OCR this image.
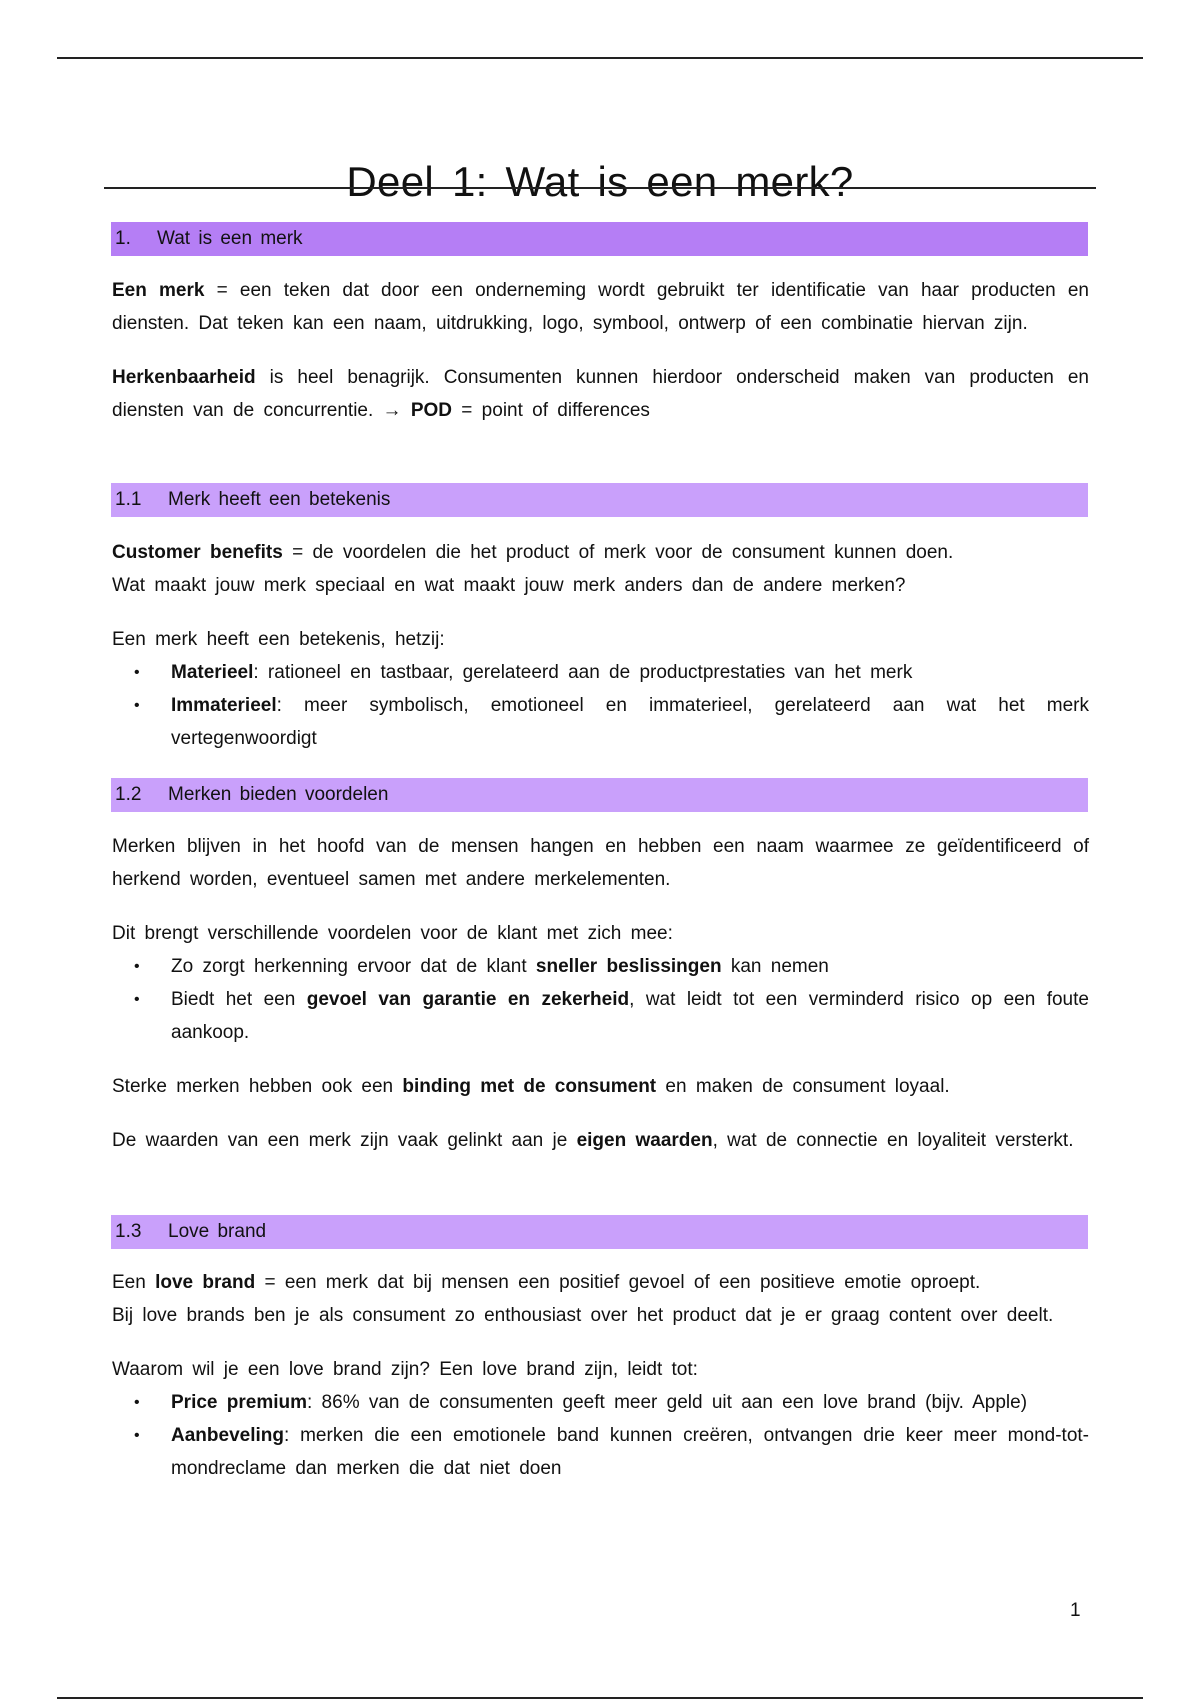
Deel 1: Wat is een merk?
1. Wat is een merk

Een merk = een teken dat door een onderneming wordt gebruikt ter identificatie van haar producten en diensten. Dat teken kan een naam, uitdrukking, logo, symbool, ontwerp of een combinatie hiervan zijn.

Herkenbaarheid is heel benagrijk. Consumenten kunnen hierdoor onderscheid maken van producten en diensten van de concurrentie. → POD = point of differences

1.1 Merk heeft een betekenis

Customer benefits = de voordelen die het product of merk voor de consument kunnen doen.

Wat maakt jouw merk speciaal en wat maakt jouw merk anders dan de andere merken?

Een merk heeft een betekenis, hetzij:

• Materieel: rationeel en tastbaar, gerelateerd aan de productprestaties van het merk
• Immaterieel: meer symbolisch, emotioneel en immaterieel, gerelateerd aan wat het merk vertegenwoordigt
1.2 Merken bieden voordelen

Merken blijven in het hoofd van de mensen hangen en hebben een naam waarmee ze geïdentificeerd of herkend worden, eventueel samen met andere merkelementen.

Dit brengt verschillende voordelen voor de klant met zich mee:

• Zo zorgt herkenning ervoor dat de klant sneller beslissingen kan nemen
• Biedt het een gevoel van garantie en zekerheid, wat leidt tot een verminderd risico op een foute aankoop.

Sterke merken hebben ook een binding met de consument en maken de consument loyaal.

De waarden van een merk zijn vaak gelinkt aan je eigen waarden, wat de connectie en loyaliteit versterkt.

1.3 Love brand

Een love brand = een merk dat bij mensen een positief gevoel of een positieve emotie oproept.

Bij love brands ben je als consument zo enthousiast over het product dat je er graag content over deelt.

Waarom wil je een love brand zijn? Een love brand zijn, leidt tot:

• Price premium: 86% van de consumenten geeft meer geld uit aan een love brand (bijv. Apple)
• Aanbeveling: merken die een emotionele band kunnen creëren, ontvangen drie keer meer mond-tot-mondreclame dan merken die dat niet doen
1
